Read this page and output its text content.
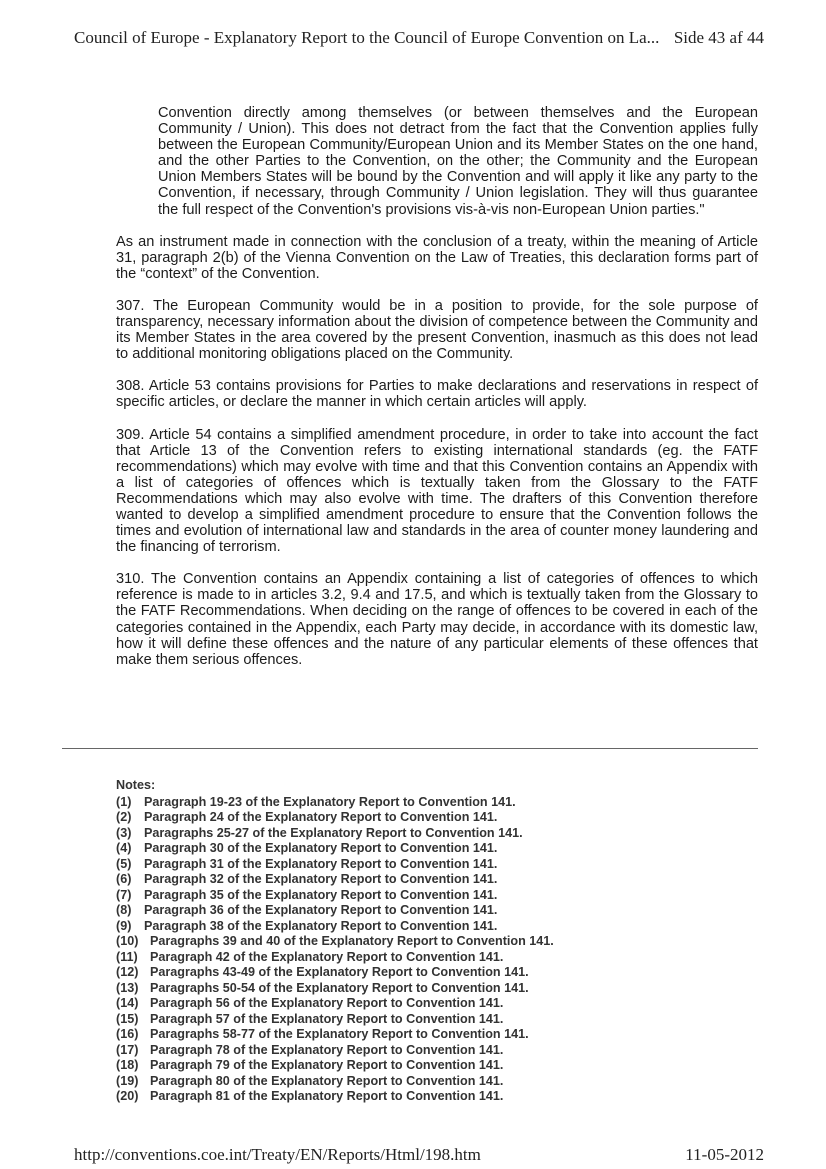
Council of Europe - Explanatory Report to the Council of Europe Convention on La... Side 43 af 44

Convention directly among themselves (or between themselves and the European Community / Union). This does not detract from the fact that the Convention applies fully between the European Community/European Union and its Member States on the one hand, and the other Parties to the Convention, on the other; the Community and the European Union Members States will be bound by the Convention and will apply it like any party to the Convention, if necessary, through Community / Union legislation. They will thus guarantee the full respect of the Convention's provisions vis-à-vis non-European Union parties."

As an instrument made in connection with the conclusion of a treaty, within the meaning of Article 31, paragraph 2(b) of the Vienna Convention on the Law of Treaties, this declaration forms part of the “context” of the Convention.

307. The European Community would be in a position to provide, for the sole purpose of transparency, necessary information about the division of competence between the Community and its Member States in the area covered by the present Convention, inasmuch as this does not lead to additional monitoring obligations placed on the Community.

308. Article 53 contains provisions for Parties to make declarations and reservations in respect of specific articles, or declare the manner in which certain articles will apply.

309. Article 54 contains a simplified amendment procedure, in order to take into account the fact that Article 13 of the Convention refers to existing international standards (eg. the FATF recommendations) which may evolve with time and that this Convention contains an Appendix with a list of categories of offences which is textually taken from the Glossary to the FATF Recommendations which may also evolve with time. The drafters of this Convention therefore wanted to develop a simplified amendment procedure to ensure that the Convention follows the times and evolution of international law and standards in the area of counter money laundering and the financing of terrorism.

310. The Convention contains an Appendix containing a list of categories of offences to which reference is made to in articles 3.2, 9.4 and 17.5, and which is textually taken from the Glossary to the FATF Recommendations. When deciding on the range of offences to be covered in each of the categories contained in the Appendix, each Party may decide, in accordance with its domestic law, how it will define these offences and the nature of any particular elements of these offences that make them serious offences.

Notes:
(1) Paragraph 19-23 of the Explanatory Report to Convention 141.
(2) Paragraph 24 of the Explanatory Report to Convention 141.
(3) Paragraphs 25-27 of the Explanatory Report to Convention 141.
(4) Paragraph 30 of the Explanatory Report to Convention 141.
(5) Paragraph 31 of the Explanatory Report to Convention 141.
(6) Paragraph 32 of the Explanatory Report to Convention 141.
(7) Paragraph 35 of the Explanatory Report to Convention 141.
(8) Paragraph 36 of the Explanatory Report to Convention 141.
(9) Paragraph 38 of the Explanatory Report to Convention 141.
(10) Paragraphs 39 and 40 of the Explanatory Report to Convention 141.
(11) Paragraph 42 of the Explanatory Report to Convention 141.
(12) Paragraphs 43-49 of the Explanatory Report to Convention 141.
(13) Paragraphs 50-54 of the Explanatory Report to Convention 141.
(14) Paragraph 56 of the Explanatory Report to Convention 141.
(15) Paragraph 57 of the Explanatory Report to Convention 141.
(16) Paragraphs 58-77 of the Explanatory Report to Convention 141.
(17) Paragraph 78 of the Explanatory Report to Convention 141.
(18) Paragraph 79 of the Explanatory Report to Convention 141.
(19) Paragraph 80 of the Explanatory Report to Convention 141.
(20) Paragraph 81 of the Explanatory Report to Convention 141.
http://conventions.coe.int/Treaty/EN/Reports/Html/198.htm	11-05-2012
